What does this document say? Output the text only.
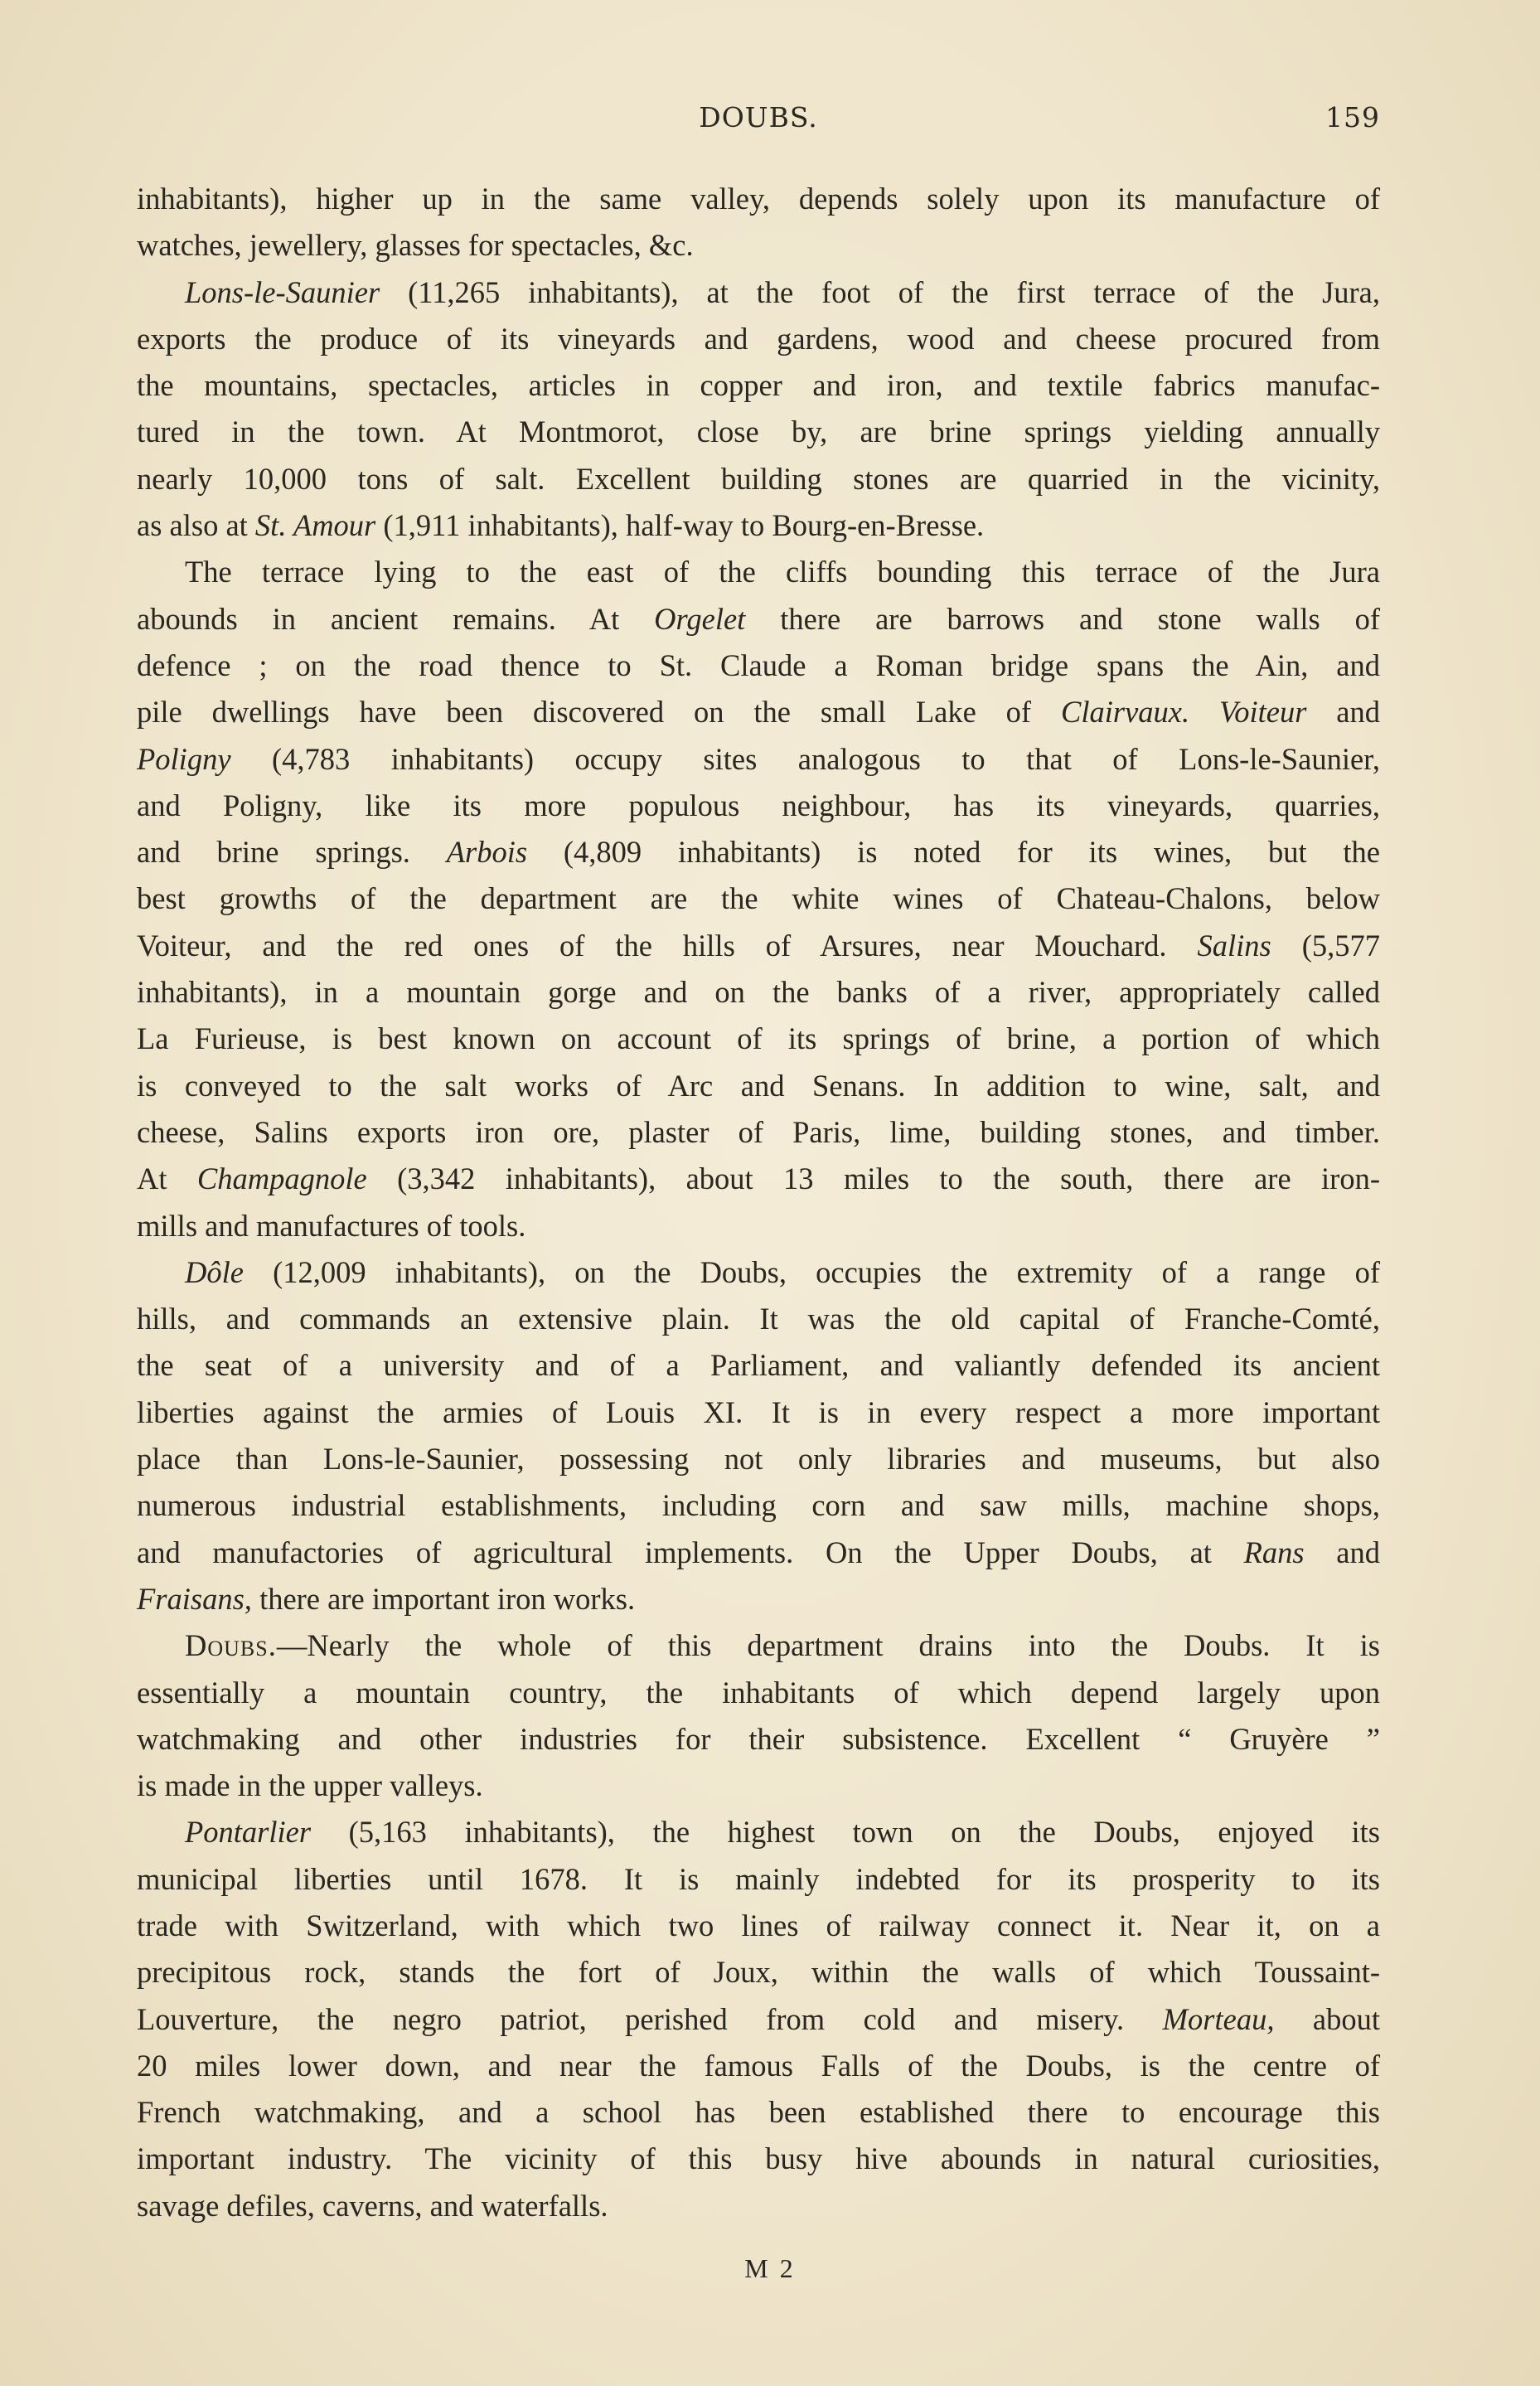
DOUBS.	159
inhabitants), higher up in the same valley, depends solely upon its manufacture of
watches, jewellery, glasses for spectacles, &c.
Lons-le-Saunier (11,265 inhabitants), at the foot of the first terrace of the Jura,
exports the produce of its vineyards and gardens, wood and cheese procured from
the mountains, spectacles, articles in copper and iron, and textile fabrics manufac-
tured in the town. At Montmorot, close by, are brine springs yielding annually
nearly 10,000 tons of salt. Excellent building stones are quarried in the vicinity,
as also at St. Amour (1,911 inhabitants), half-way to Bourg-en-Bresse.
The terrace lying to the east of the cliffs bounding this terrace of the Jura
abounds in ancient remains. At Orgelet there are barrows and stone walls of
defence ; on the road thence to St. Claude a Roman bridge spans the Ain, and
pile dwellings have been discovered on the small Lake of Clairvaux. Voiteur and
Poligny (4,783 inhabitants) occupy sites analogous to that of Lons-le-Saunier,
and Poligny, like its more populous neighbour, has its vineyards, quarries,
and brine springs. Arbois (4,809 inhabitants) is noted for its wines, but the
best growths of the department are the white wines of Chateau-Chalons, below
Voiteur, and the red ones of the hills of Arsures, near Mouchard. Salins (5,577
inhabitants), in a mountain gorge and on the banks of a river, appropriately called
La Furieuse, is best known on account of its springs of brine, a portion of which
is conveyed to the salt works of Arc and Senans. In addition to wine, salt, and
cheese, Salins exports iron ore, plaster of Paris, lime, building stones, and timber.
At Champagnole (3,342 inhabitants), about 13 miles to the south, there are iron-
mills and manufactures of tools.
Dôle (12,009 inhabitants), on the Doubs, occupies the extremity of a range of
hills, and commands an extensive plain. It was the old capital of Franche-Comté,
the seat of a university and of a Parliament, and valiantly defended its ancient
liberties against the armies of Louis XI. It is in every respect a more important
place than Lons-le-Saunier, possessing not only libraries and museums, but also
numerous industrial establishments, including corn and saw mills, machine shops,
and manufactories of agricultural implements. On the Upper Doubs, at Rans and
Fraisans, there are important iron works.
Doubs.—Nearly the whole of this department drains into the Doubs. It is
essentially a mountain country, the inhabitants of which depend largely upon
watchmaking and other industries for their subsistence. Excellent “ Gruyère ”
is made in the upper valleys.
Pontarlier (5,163 inhabitants), the highest town on the Doubs, enjoyed its
municipal liberties until 1678. It is mainly indebted for its prosperity to its
trade with Switzerland, with which two lines of railway connect it. Near it, on a
precipitous rock, stands the fort of Joux, within the walls of which Toussaint-
Louverture, the negro patriot, perished from cold and misery. Morteau, about
20 miles lower down, and near the famous Falls of the Doubs, is the centre of
French watchmaking, and a school has been established there to encourage this
important industry. The vicinity of this busy hive abounds in natural curiosities,
savage defiles, caverns, and waterfalls.
M 2
